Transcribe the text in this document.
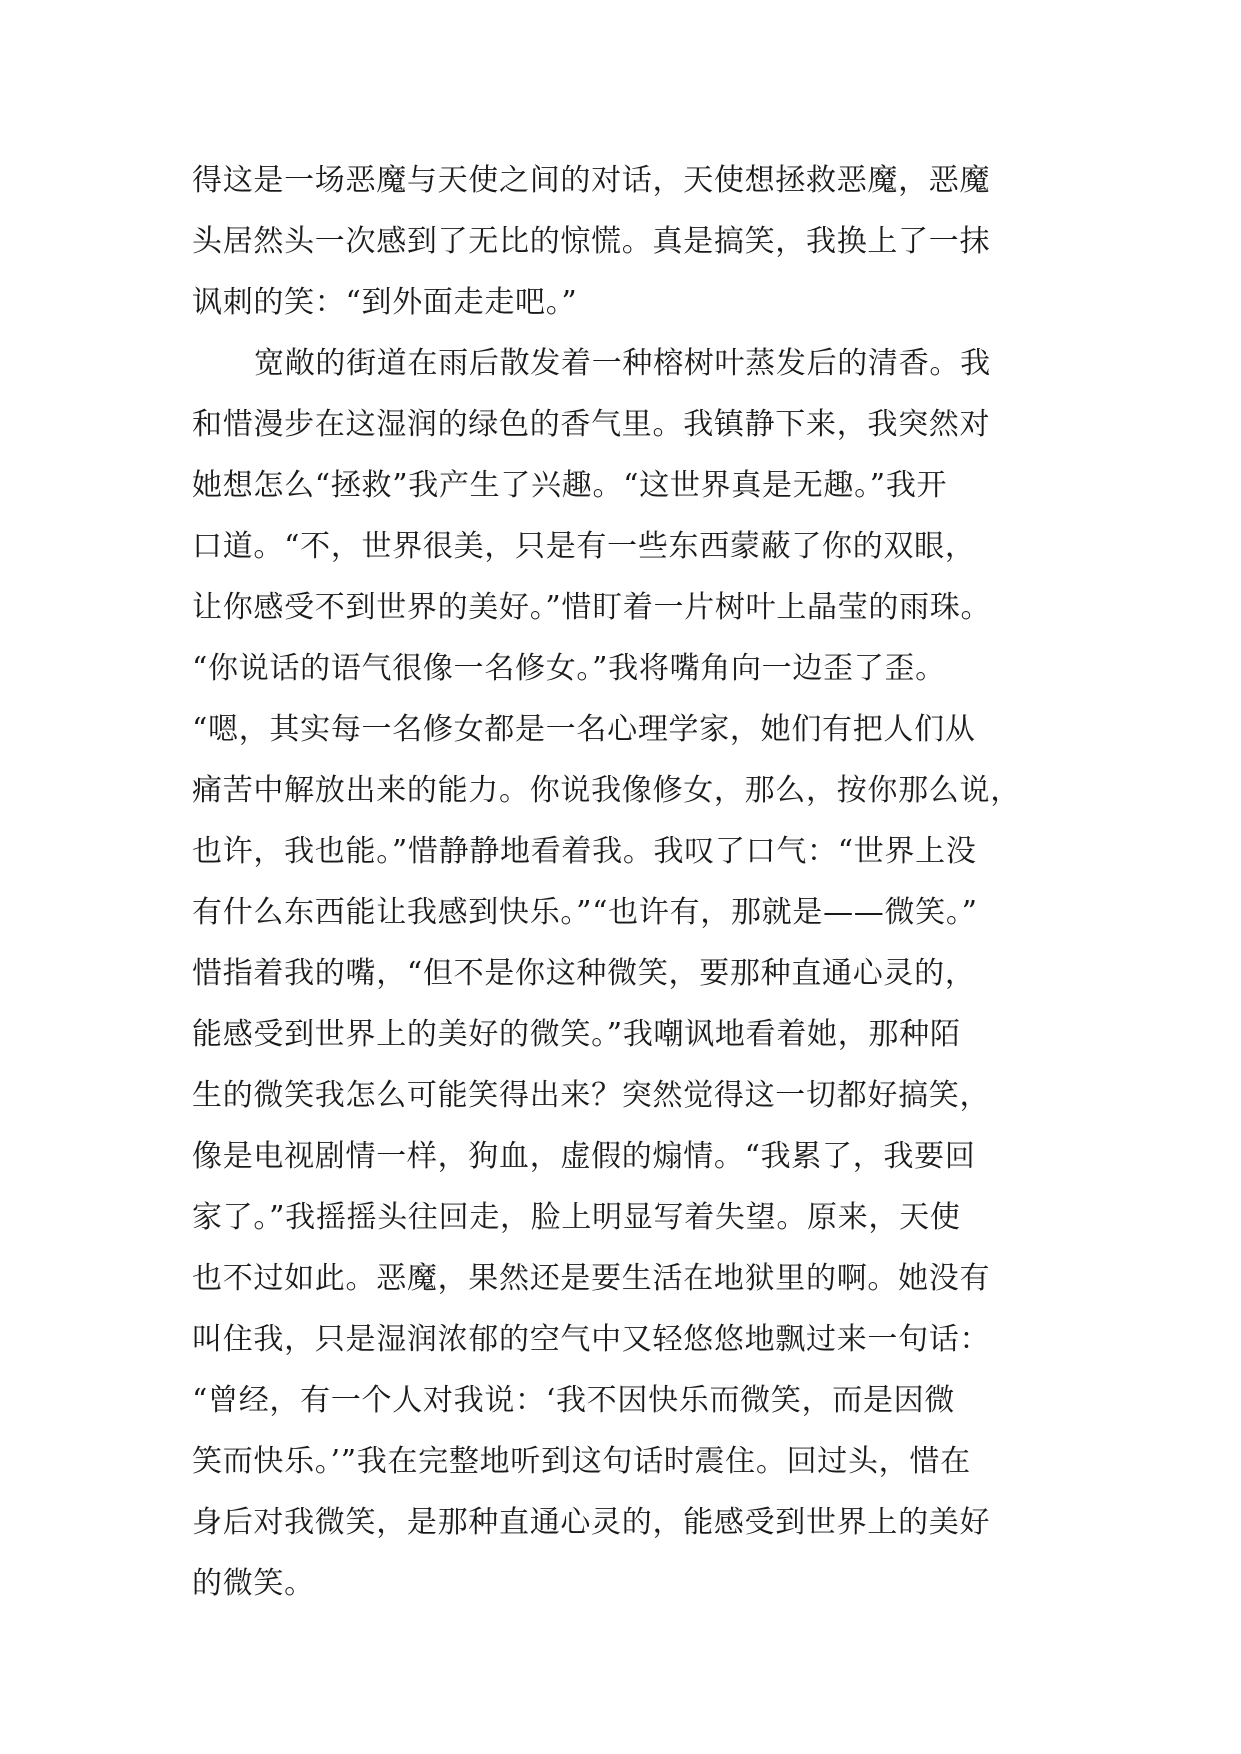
得这是一场恶魔与天使之间的对话，天使想拯救恶魔，恶魔
头居然头一次感到了无比的惊慌。真是搞笑，我换上了一抹
讽刺的笑：“到外面走走吧。”
宽敞的街道在雨后散发着一种榕树叶蒸发后的清香。我
和惜漫步在这湿润的绿色的香气里。我镇静下来，我突然对
她想怎么“拯救”我产生了兴趣。“这世界真是无趣。”我开
口道。“不，世界很美，只是有一些东西蒙蔽了你的双眼，
让你感受不到世界的美好。”惜盯着一片树叶上晶莹的雨珠。
“你说话的语气很像一名修女。”我将嘴角向一边歪了歪。
“嗯，其实每一名修女都是一名心理学家，她们有把人们从
痛苦中解放出来的能力。你说我像修女，那么，按你那么说，
也许，我也能。”惜静静地看着我。我叹了口气：“世界上没
有什么东西能让我感到快乐。”“也许有，那就是——微笑。”
惜指着我的嘴，“但不是你这种微笑，要那种直通心灵的，
能感受到世界上的美好的微笑。”我嘲讽地看着她，那种陌
生的微笑我怎么可能笑得出来？突然觉得这一切都好搞笑，
像是电视剧情一样，狗血，虚假的煽情。“我累了，我要回
家了。”我摇摇头往回走，脸上明显写着失望。原来，天使
也不过如此。恶魔，果然还是要生活在地狱里的啊。她没有
叫住我，只是湿润浓郁的空气中又轻悠悠地飘过来一句话：
“曾经，有一个人对我说：‘我不因快乐而微笑，而是因微
笑而快乐。’”我在完整地听到这句话时震住。回过头，惜在
身后对我微笑，是那种直通心灵的，能感受到世界上的美好
的微笑。
